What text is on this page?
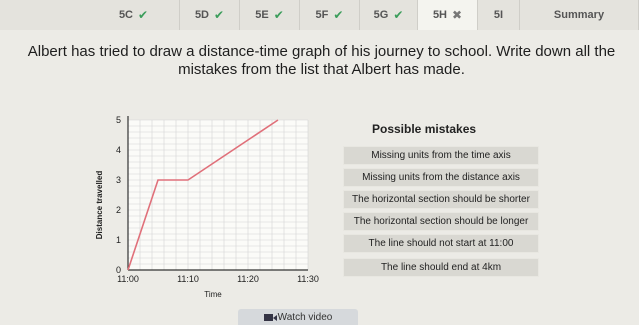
5C ✔	5D ✔	5E ✔	5F ✔	5G ✔	5H ✖	5I	Summary
Albert has tried to draw a distance-time graph of his journey to school. Write down all the mistakes from the list that Albert has made.
0
1
2
3
4
5
11:00	11:10	11:20	11:30
Time
Distance travelled
Possible mistakes
Missing units from the time axis
Missing units from the distance axis
The horizontal section should be shorter
The horizontal section should be longer
The line should not start at 11:00
The line should end at 4km
Watch video
